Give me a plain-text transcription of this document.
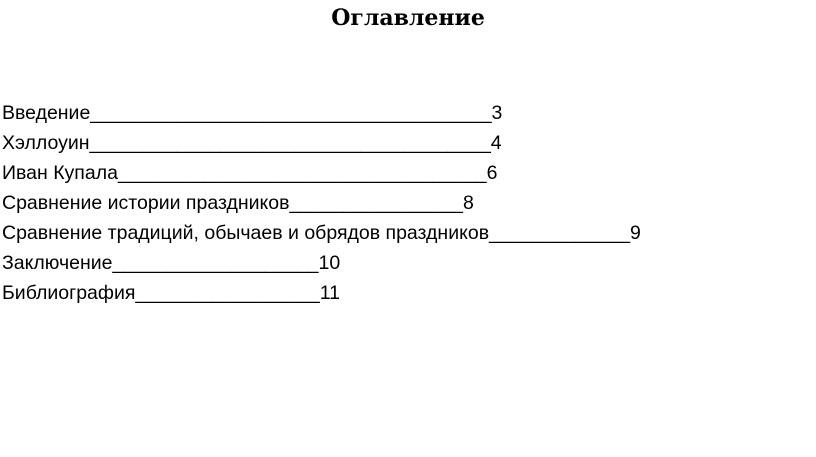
Оглавление
Введение_____________________________________3
Хэллоуин_____________________________________4
Иван Купала__________________________________6
Сравнение истории праздников________________8
Сравнение традиций, обычаев и обрядов праздников_____________9
Заключение___________________10
Библиография_________________11
